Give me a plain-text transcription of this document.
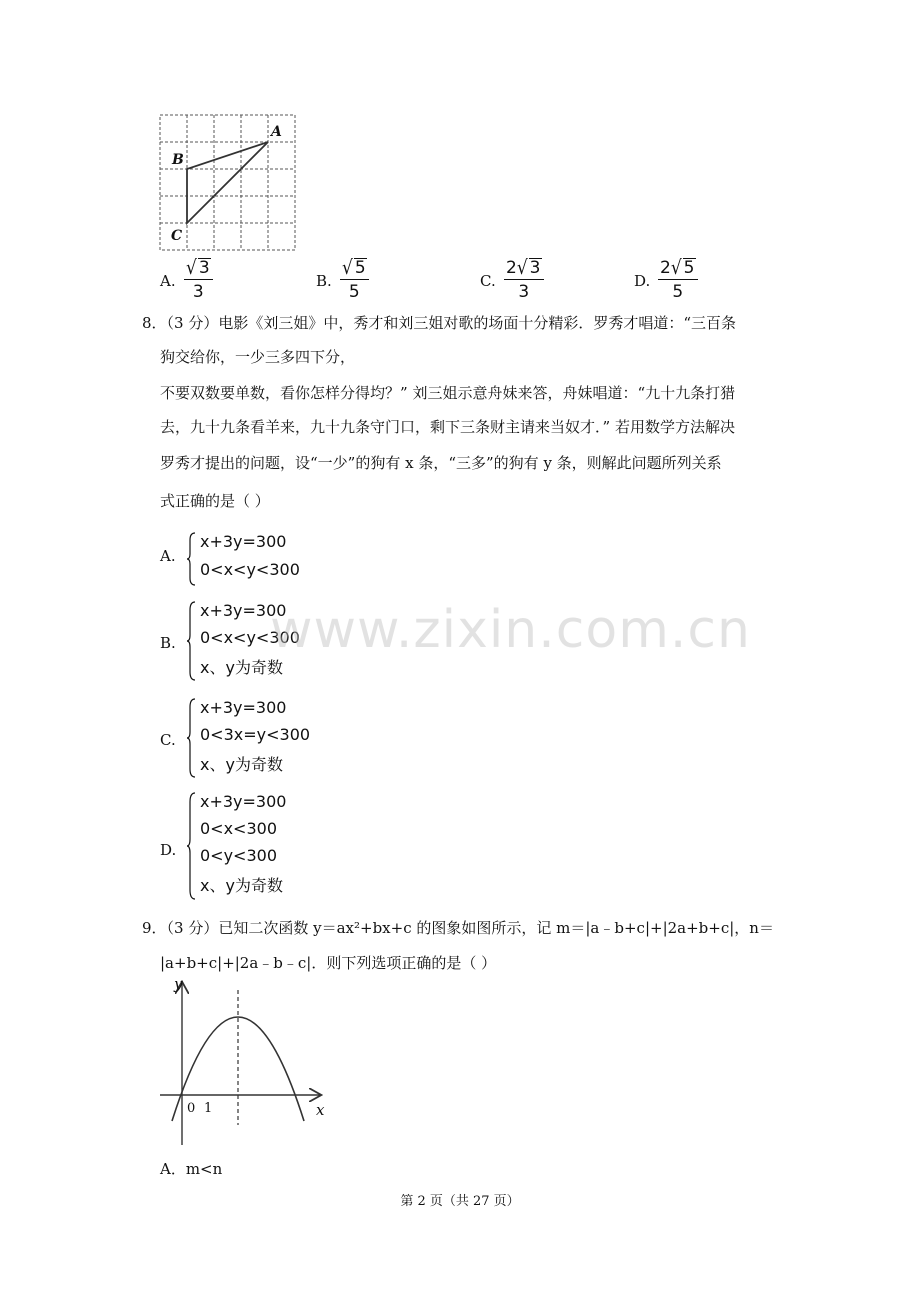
A
B
C
A.
√ 3
3
B.
√ 5
5
C.
2√ 3
3
D.
2√ 5
5
8．（3 分）电影《刘三姐》中，秀才和刘三姐对歌的场面十分精彩．罗秀才唱道：“三百条
狗交给你，一少三多四下分，
不要双数要单数，看你怎样分得均？” 刘三姐示意舟妹来答，舟妹唱道：“九十九条打猎
去，九十九条看羊来，九十九条守门口，剩下三条财主请来当奴才．” 若用数学方法解决
罗秀才提出的问题，设“一少”的狗有 x 条，“三多”的狗有 y 条，则解此问题所列关系
式正确的是（ ）
A.
x+3y=300
0<x<y<300
B.
x+3y=300
0<x<y<300
x、y为奇数
C.
x+3y=300
0<3x=y<300
x、y为奇数
D.
x+3y=300
0<x<300
0<y<300
x、y为奇数
www.zixin.com.cn
9．（3 分）已知二次函数 y＝ax²+bx+c 的图象如图所示，记 m＝|a﹣b+c|+|2a+b+c|，n＝
|a+b+c|+|2a﹣b﹣c|．则下列选项正确的是（ ）
y
x
0 1
A．m<n
第 2 页（共 27 页）
